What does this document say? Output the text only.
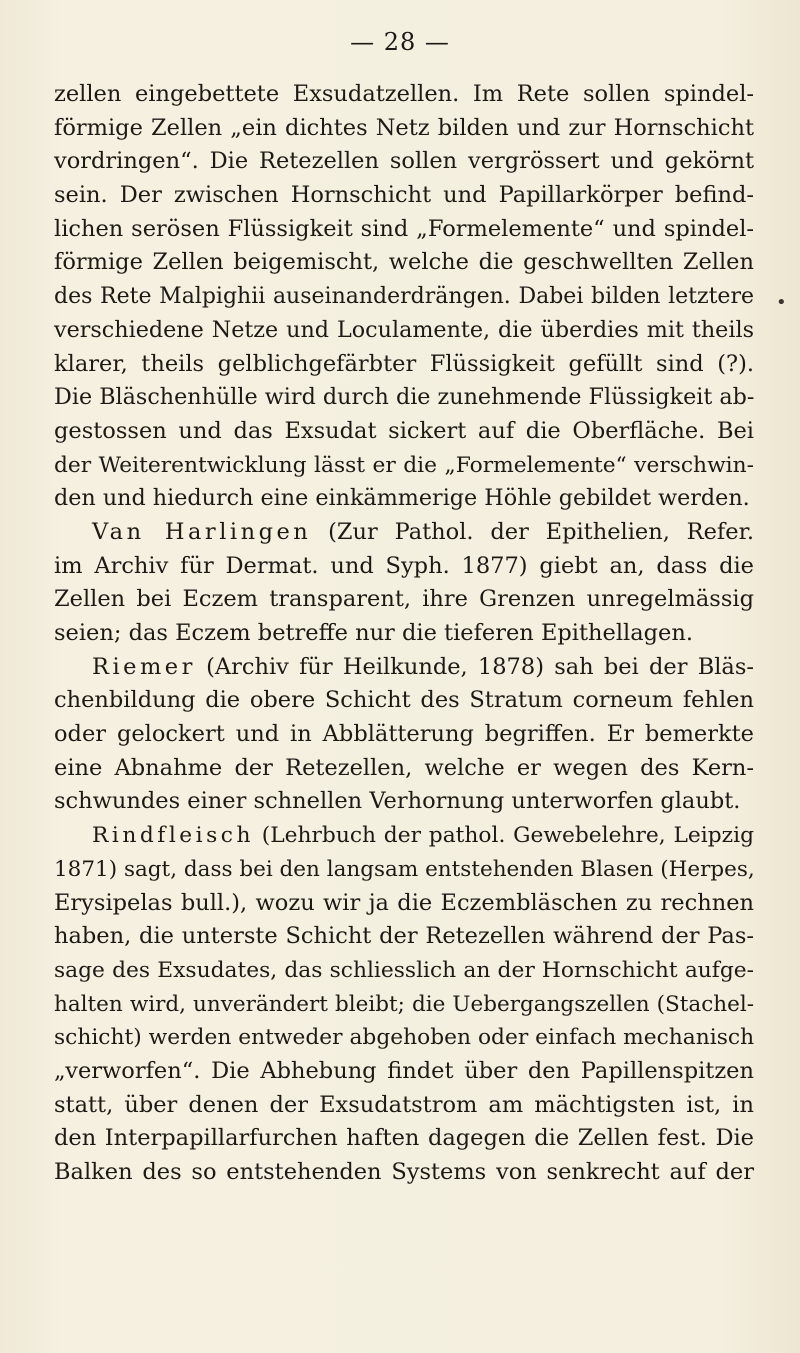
— 28 —
zellen eingebettete Exsudatzellen. Im Rete sollen spindel-
förmige Zellen „ein dichtes Netz bilden und zur Hornschicht
vordringen“. Die Retezellen sollen vergrössert und gekörnt
sein. Der zwischen Hornschicht und Papillarkörper befind-
lichen serösen Flüssigkeit sind „Formelemente“ und spindel-
förmige Zellen beigemischt, welche die geschwellten Zellen
des Rete Malpighii auseinanderdrängen. Dabei bilden letztere
verschiedene Netze und Loculamente, die überdies mit theils
klarer, theils gelblichgefärbter Flüssigkeit gefüllt sind (?).
Die Bläschenhülle wird durch die zunehmende Flüssigkeit ab-
gestossen und das Exsudat sickert auf die Oberfläche. Bei
der Weiterentwicklung lässt er die „Formelemente“ verschwin-
den und hiedurch eine einkämmerige Höhle gebildet werden.
Van Harlingen (Zur Pathol. der Epithelien, Refer.
im Archiv für Dermat. und Syph. 1877) giebt an, dass die
Zellen bei Eczem transparent, ihre Grenzen unregelmässig
seien; das Eczem betreffe nur die tieferen Epithellagen.
Riemer (Archiv für Heilkunde, 1878) sah bei der Bläs-
chenbildung die obere Schicht des Stratum corneum fehlen
oder gelockert und in Abblätterung begriffen. Er bemerkte
eine Abnahme der Retezellen, welche er wegen des Kern-
schwundes einer schnellen Verhornung unterworfen glaubt.
Rindfleisch (Lehrbuch der pathol. Gewebelehre, Leipzig
1871) sagt, dass bei den langsam entstehenden Blasen (Herpes,
Erysipelas bull.), wozu wir ja die Eczembläschen zu rechnen
haben, die unterste Schicht der Retezellen während der Pas-
sage des Exsudates, das schliesslich an der Hornschicht aufge-
halten wird, unverändert bleibt; die Uebergangszellen (Stachel-
schicht) werden entweder abgehoben oder einfach mechanisch
„verworfen“. Die Abhebung findet über den Papillenspitzen
statt, über denen der Exsudatstrom am mächtigsten ist, in
den Interpapillarfurchen haften dagegen die Zellen fest. Die
Balken des so entstehenden Systems von senkrecht auf der
•
